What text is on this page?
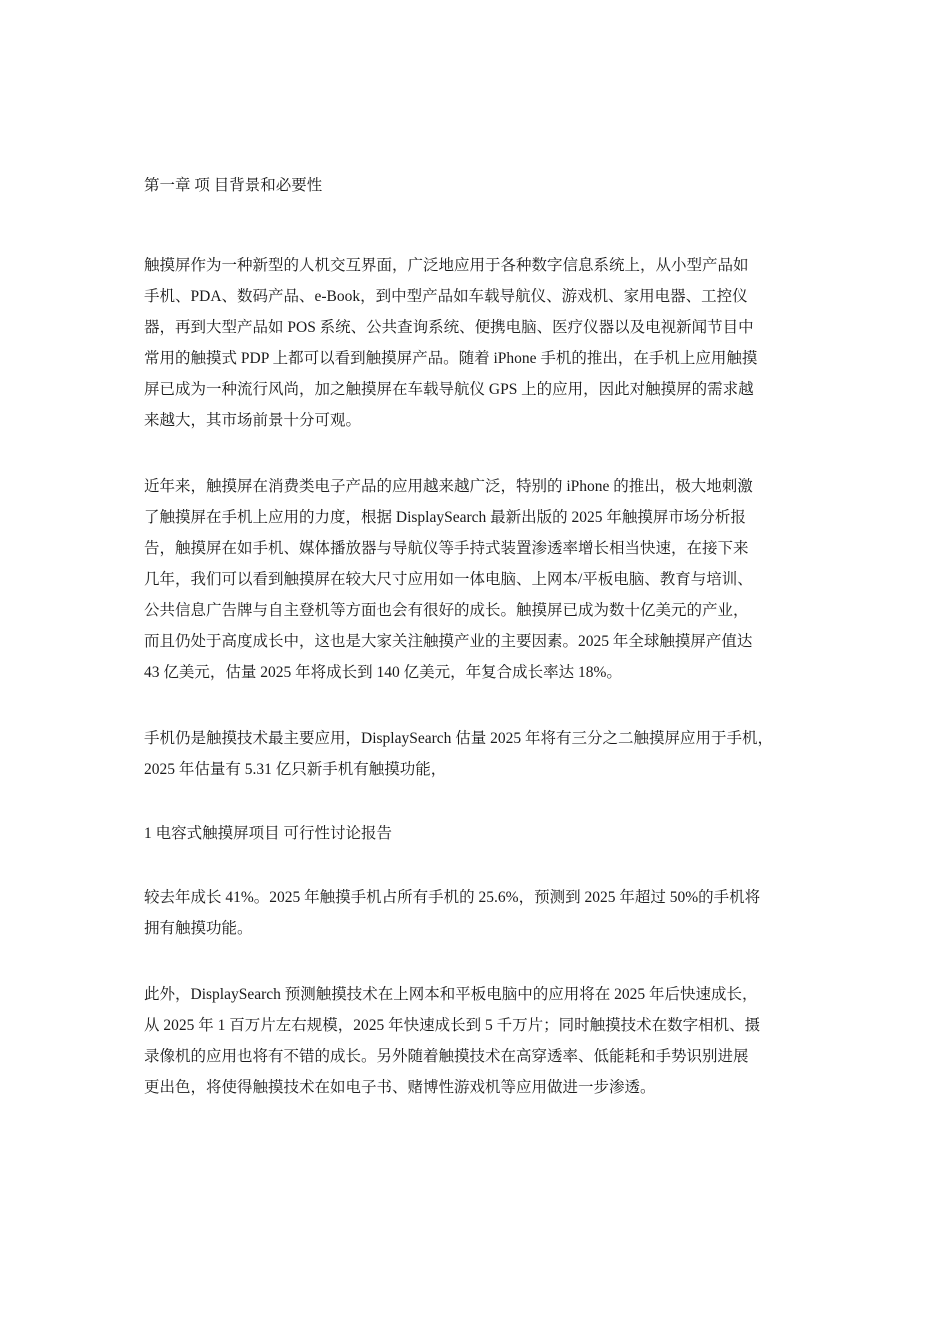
第一章 项 目背景和必要性
触摸屏作为一种新型的人机交互界面，广泛地应用于各种数字信息系统上，从小型产品如
手机、PDA、数码产品、e-Book，到中型产品如车载导航仪、游戏机、家用电器、工控仪
器，再到大型产品如 POS 系统、公共查询系统、便携电脑、医疗仪器以及电视新闻节目中
常用的触摸式 PDP 上都可以看到触摸屏产品。随着 iPhone 手机的推出，在手机上应用触摸
屏已成为一种流行风尚，加之触摸屏在车载导航仪 GPS 上的应用，因此对触摸屏的需求越
来越大，其市场前景十分可观。
近年来，触摸屏在消费类电子产品的应用越来越广泛，特别的 iPhone 的推出，极大地刺激
了触摸屏在手机上应用的力度，根据 DisplaySearch 最新出版的 2025 年触摸屏市场分析报
告，触摸屏在如手机、媒体播放器与导航仪等手持式装置渗透率增长相当快速，在接下来
几年，我们可以看到触摸屏在较大尺寸应用如一体电脑、上网本/平板电脑、教育与培训、
公共信息广告牌与自主登机等方面也会有很好的成长。触摸屏已成为数十亿美元的产业，
而且仍处于高度成长中，这也是大家关注触摸产业的主要因素。2025 年全球触摸屏产值达
43 亿美元，估量 2025 年将成长到 140 亿美元，年复合成长率达 18%。
手机仍是触摸技术最主要应用，DisplaySearch 估量 2025 年将有三分之二触摸屏应用于手机，
2025 年估量有 5.31 亿只新手机有触摸功能，
1 电容式触摸屏项目 可行性讨论报告
较去年成长 41%。2025 年触摸手机占所有手机的 25.6%，预测到 2025 年超过 50%的手机将
拥有触摸功能。
此外，DisplaySearch 预测触摸技术在上网本和平板电脑中的应用将在 2025 年后快速成长，
从 2025 年 1 百万片左右规模，2025 年快速成长到 5 千万片；同时触摸技术在数字相机、摄
录像机的应用也将有不错的成长。另外随着触摸技术在高穿透率、低能耗和手势识别进展
更出色，将使得触摸技术在如电子书、赌博性游戏机等应用做进一步渗透。
